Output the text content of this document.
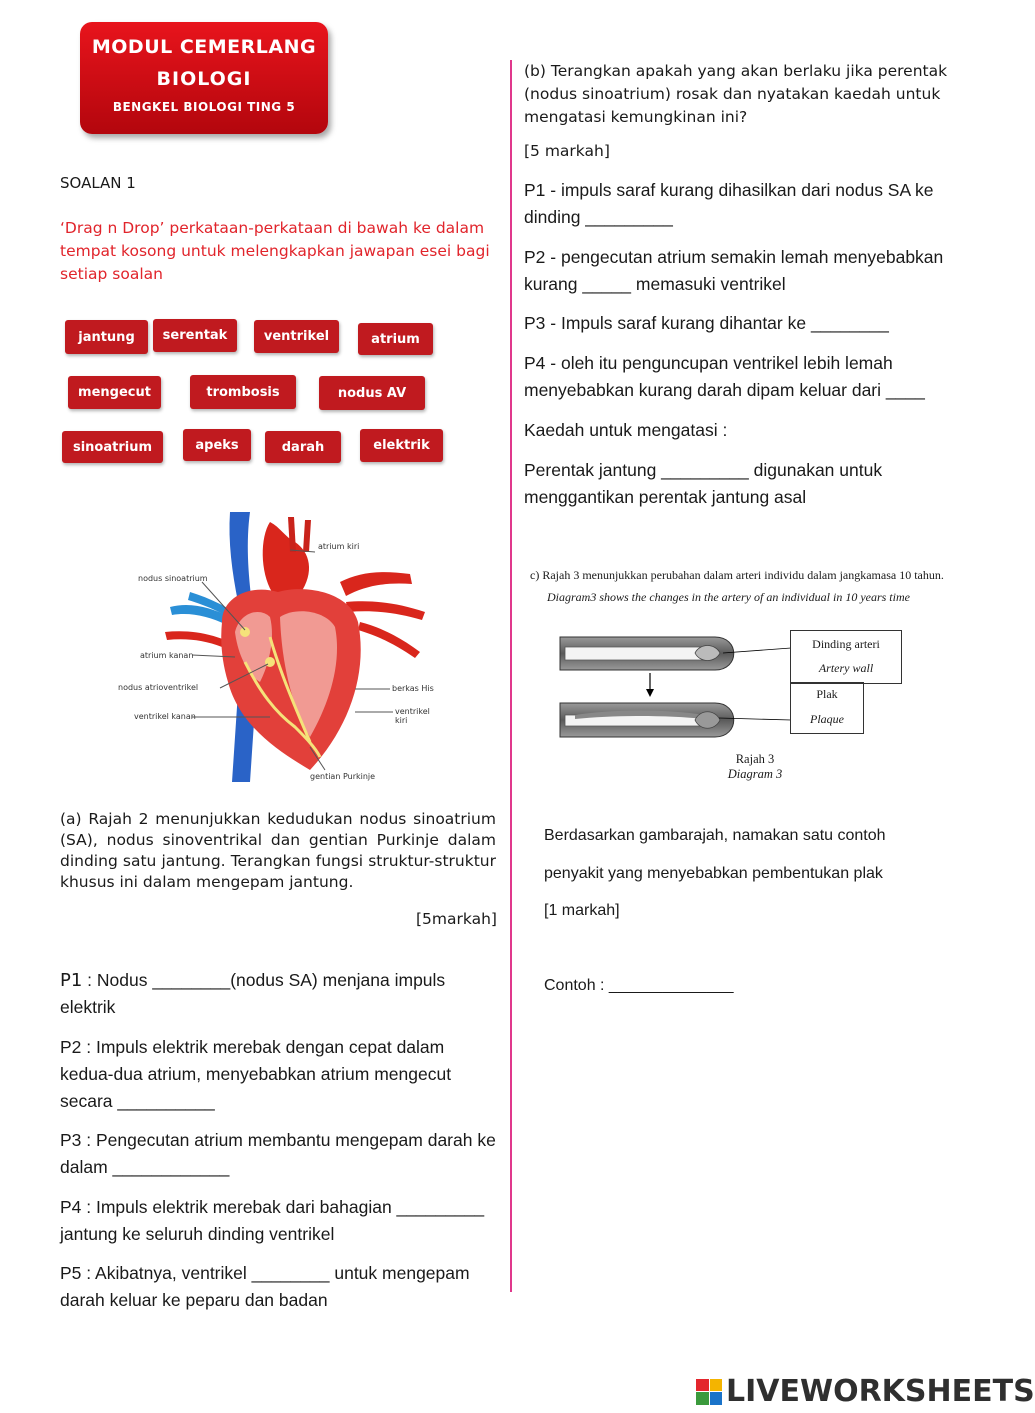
MODUL CEMERLANG
BIOLOGI
BENGKEL BIOLOGI TING 5
SOALAN 1
‘Drag n Drop’ perkataan-perkataan di bawah ke dalam tempat kosong untuk melengkapkan jawapan esei bagi setiap soalan
jantung	serentak	ventrikel	atrium
mengecut	trombosis	nodus AV
sinoatrium	apeks	darah	elektrik
atrium kiri
nodus sinoatrium
atrium kanan
nodus atrioventrikel
ventrikel kanan
berkas His
ventrikel kiri
gentian Purkinje
(a) Rajah 2 menunjukkan kedudukan nodus sinoatrium (SA), nodus sinoventrikal dan gentian Purkinje dalam dinding satu jantung. Terangkan fungsi struktur-struktur khusus ini dalam mengepam jantung.
[5markah]
P1 : Nodus ________(nodus SA) menjana impuls elektrik
P2 : Impuls elektrik merebak dengan cepat dalam kedua-dua atrium, menyebabkan atrium mengecut secara __________
P3 : Pengecutan atrium membantu mengepam darah ke dalam ____________
P4 : Impuls elektrik merebak dari bahagian _________ jantung ke seluruh dinding ventrikel
P5 : Akibatnya, ventrikel ________ untuk mengepam darah keluar ke peparu dan badan
(b) Terangkan apakah yang akan berlaku jika perentak (nodus sinoatrium) rosak dan nyatakan kaedah untuk mengatasi kemungkinan ini?
[5 markah]
P1 - impuls saraf kurang dihasilkan dari nodus SA ke dinding _________
P2 - pengecutan atrium semakin lemah menyebabkan kurang _____ memasuki ventrikel
P3 - Impuls saraf kurang dihantar ke ________
P4 - oleh itu penguncupan ventrikel lebih lemah menyebabkan kurang darah dipam keluar dari ____
Kaedah untuk mengatasi :
Perentak jantung _________ digunakan untuk menggantikan perentak jantung asal
c) Rajah 3 menunjukkan perubahan dalam arteri individu dalam jangkamasa 10 tahun.
Diagram3 shows the changes in the artery of an individual in 10 years time
Dinding arteri
Artery wall
Plak
Plaque
Rajah 3
Diagram 3
Berdasarkan gambarajah, namakan satu contoh
penyakit yang menyebabkan pembentukan plak
[1 markah]
Contoh : ______________
LIVEWORKSHEETS
